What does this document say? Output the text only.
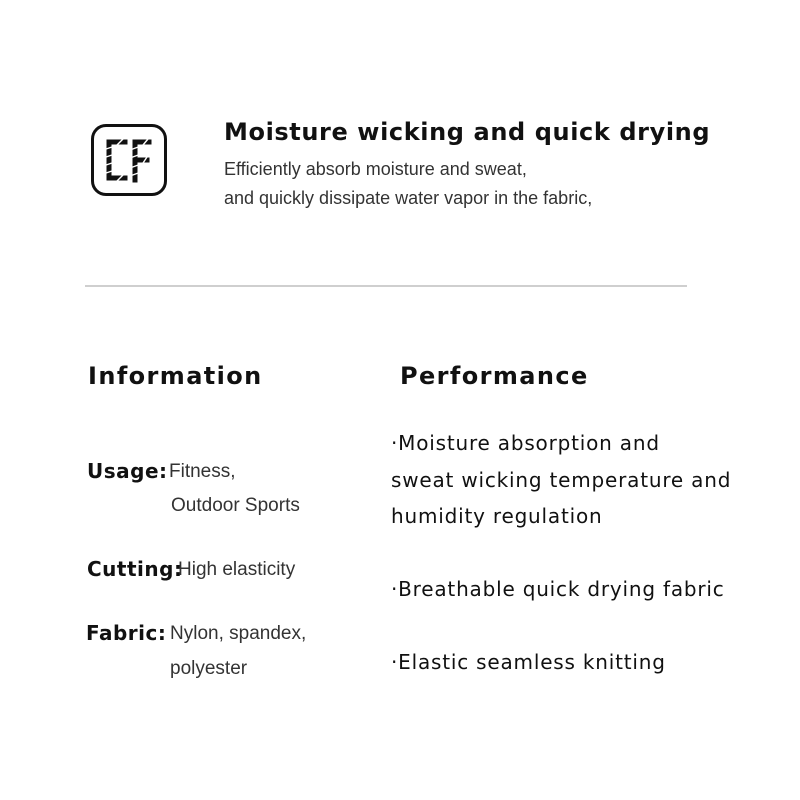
Moisture wicking and quick drying
Efficiently absorb moisture and sweat,
and quickly dissipate water vapor in the fabric,
Information	Performance
Usage: Fitness,
Outdoor Sports
Cutting:
High elasticity
Fabric: Nylon, spandex,
polyester
·Moisture absorption and
sweat wicking temperature and
humidity regulation
·Breathable quick drying fabric
·Elastic seamless knitting
